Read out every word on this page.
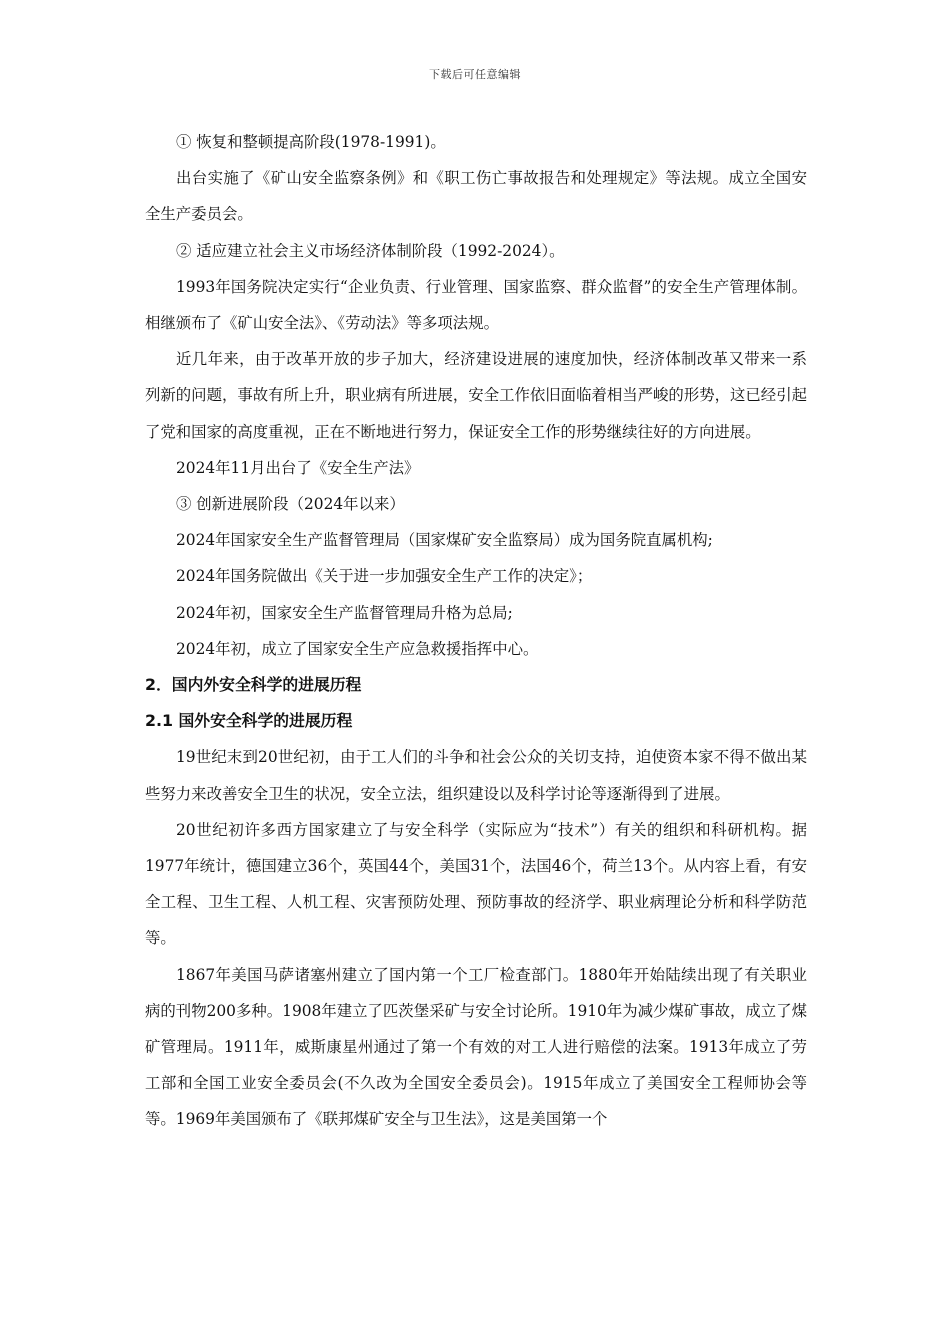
下载后可任意编辑

① 恢复和整顿提高阶段(1978-1991)。

出台实施了《矿山安全监察条例》和《职工伤亡事故报告和处理规定》等法规。成立全国安全生产委员会。

② 适应建立社会主义市场经济体制阶段（1992-2024）。

1993年国务院决定实行“企业负责、行业管理、国家监察、群众监督”的安全生产管理体制。相继颁布了《矿山安全法》、《劳动法》等多项法规。

近几年来，由于改革开放的步子加大，经济建设进展的速度加快，经济体制改革又带来一系列新的问题，事故有所上升，职业病有所进展，安全工作依旧面临着相当严峻的形势，这已经引起了党和国家的高度重视，正在不断地进行努力，保证安全工作的形势继续往好的方向进展。

2024年11月出台了《安全生产法》

③ 创新进展阶段（2024年以来）

2024年国家安全生产监督管理局（国家煤矿安全监察局）成为国务院直属机构;

2024年国务院做出《关于进一步加强安全生产工作的决定》；

2024年初，国家安全生产监督管理局升格为总局;

2024年初，成立了国家安全生产应急救援指挥中心。

2．国内外安全科学的进展历程

2.1 国外安全科学的进展历程

19世纪末到20世纪初，由于工人们的斗争和社会公众的关切支持，迫使资本家不得不做出某些努力来改善安全卫生的状况，安全立法，组织建设以及科学讨论等逐渐得到了进展。

20世纪初许多西方国家建立了与安全科学（实际应为“技术”）有关的组织和科研机构。据1977年统计，德国建立36个，英国44个，美国31个，法国46个，荷兰13个。从内容上看，有安全工程、卫生工程、人机工程、灾害预防处理、预防事故的经济学、职业病理论分析和科学防范等。

1867年美国马萨诸塞州建立了国内第一个工厂检查部门。1880年开始陆续出现了有关职业病的刊物200多种。1908年建立了匹茨堡采矿与安全讨论所。1910年为减少煤矿事故，成立了煤矿管理局。1911年，威斯康星州通过了第一个有效的对工人进行赔偿的法案。1913年成立了劳工部和全国工业安全委员会(不久改为全国安全委员会)。1915年成立了美国安全工程师协会等等。1969年美国颁布了《联邦煤矿安全与卫生法》，这是美国第一个
